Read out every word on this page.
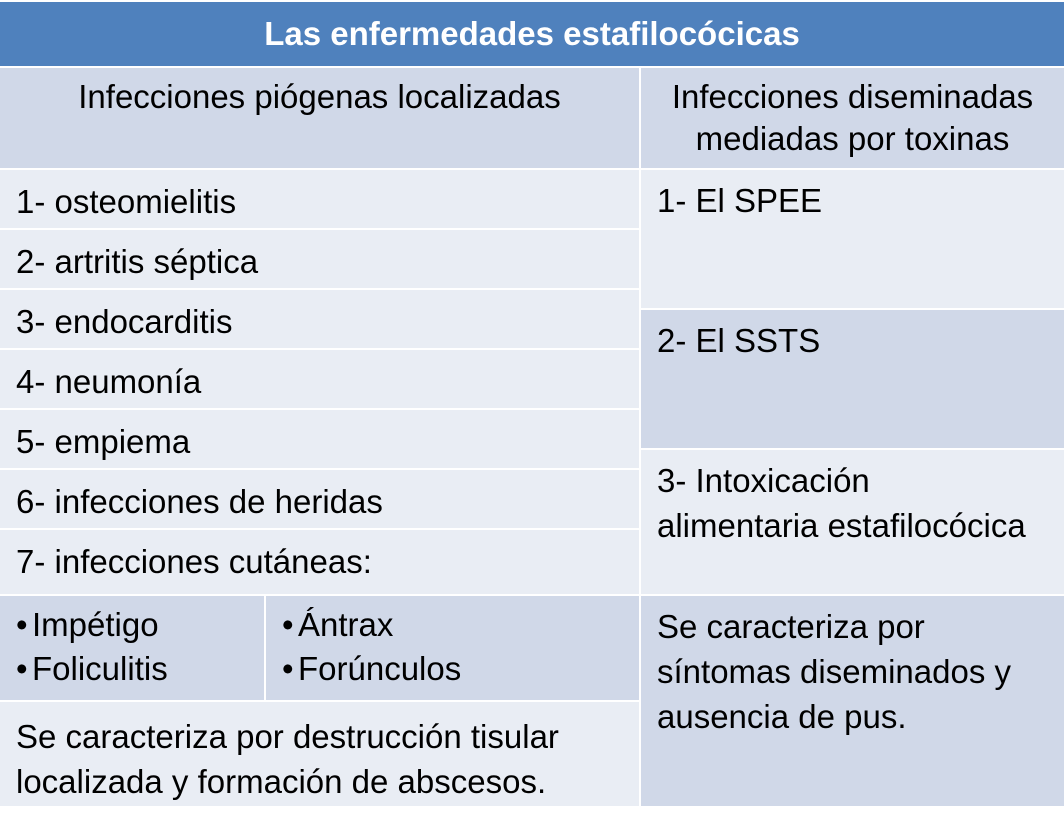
Las enfermedades estafilocócicas
Infecciones piógenas localizadas	Infecciones diseminadas
mediadas por toxinas
1- osteomielitis
2- artritis séptica
3- endocarditis
4- neumonía
5- empiema
6- infecciones de heridas
7- infecciones cutáneas:
• Impétigo
• Foliculitis
• Ántrax
• Forúnculos
Se caracteriza por destrucción tisular
localizada y formación de abscesos.
1- El SPEE
2- El SSTS
3- Intoxicación
alimentaria estafilocócica
Se caracteriza por
síntomas diseminados y
ausencia de pus.
